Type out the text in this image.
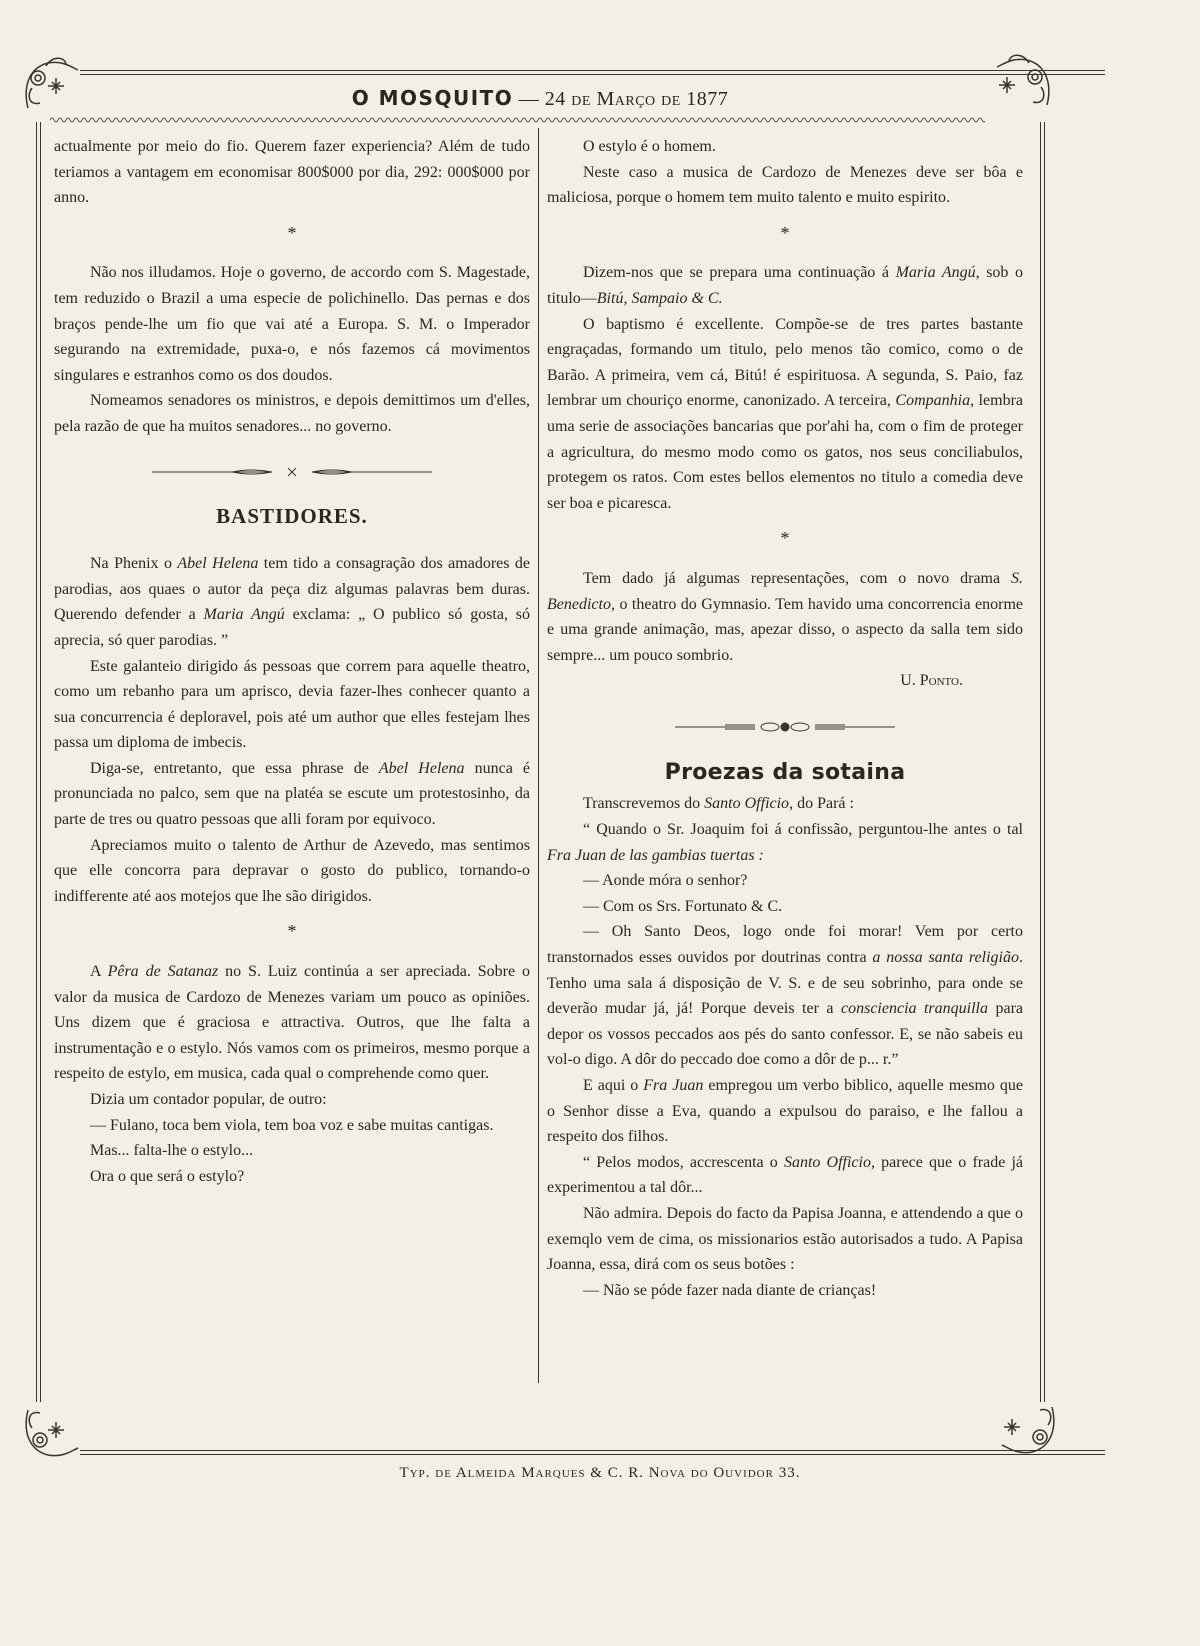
O MOSQUITO — 24 de Março de 1877

actualmente por meio do fio. Querem fazer experiencia? Além de tudo teriamos a vantagem em economisar 800$000 por dia, 292: 000$000 por anno.

*

Não nos illudamos. Hoje o governo, de accordo com S. Magestade, tem reduzido o Brazil a uma especie de polichinello. Das pernas e dos braços pende-lhe um fio que vai até a Europa. S. M. o Imperador segurando na extremidade, puxa-o, e nós fazemos cá movimentos singulares e estranhos como os dos doudos.

Nomeamos senadores os ministros, e depois demittimos um d'elles, pela razão de que ha muitos senadores... no governo.

BASTIDORES.

Na Phenix o Abel Helena tem tido a consagração dos amadores de parodias, aos quaes o autor da peça diz algumas palavras bem duras. Querendo defender a Maria Angú exclama: „ O publico só gosta, só aprecia, só quer parodias. ”

Este galanteio dirigido ás pessoas que correm para aquelle theatro, como um rebanho para um aprisco, devia fazer-lhes conhecer quanto a sua concurrencia é deploravel, pois até um author que elles festejam lhes passa um diploma de imbecis.

Diga-se, entretanto, que essa phrase de Abel Helena nunca é pronunciada no palco, sem que na platéa se escute um protestosinho, da parte de tres ou quatro pessoas que alli foram por equivoco.

Apreciamos muito o talento de Arthur de Azevedo, mas sentimos que elle concorra para depravar o gosto do publico, tornando-o indifferente até aos motejos que lhe são dirigidos.

*

A Pêra de Satanaz no S. Luiz continúa a ser apreciada. Sobre o valor da musica de Cardozo de Menezes variam um pouco as opiniões. Uns dizem que é graciosa e attractiva. Outros, que lhe falta a instrumentação e o estylo. Nós vamos com os primeiros, mesmo porque a respeito de estylo, em musica, cada qual o comprehende como quer.

Dizia um contador popular, de outro:

— Fulano, toca bem viola, tem boa voz e sabe muitas cantigas.

Mas... falta-lhe o estylo...

Ora o que será o estylo?

O estylo é o homem.

Neste caso a musica de Cardozo de Menezes deve ser bôa e maliciosa, porque o homem tem muito talento e muito espirito.

*

Dizem-nos que se prepara uma continuação á Maria Angú, sob o titulo—Bitú, Sampaio & C.

O baptismo é excellente. Compõe-se de tres partes bastante engraçadas, formando um titulo, pelo menos tão comico, como o de Barão. A primeira, vem cá, Bitú! é espirituosa. A segunda, S. Paio, faz lembrar um chouriço enorme, canonizado. A terceira, Companhia, lembra uma serie de associações bancarias que por'ahi ha, com o fim de proteger a agricultura, do mesmo modo como os gatos, nos seus conciliabulos, protegem os ratos. Com estes bellos elementos no titulo a comedia deve ser boa e picaresca.

*

Tem dado já algumas representações, com o novo drama S. Benedicto, o theatro do Gymnasio. Tem havido uma concorrencia enorme e uma grande animação, mas, apezar disso, o aspecto da salla tem sido sempre... um pouco sombrio.

U. Ponto.

Proezas da sotaina

Transcrevemos do Santo Officio, do Pará :

“ Quando o Sr. Joaquim foi á confissão, perguntou-lhe antes o tal Fra Juan de las gambias tuertas :

— Aonde móra o senhor?

— Com os Srs. Fortunato & C.

— Oh Santo Deos, logo onde foi morar! Vem por certo transtornados esses ouvidos por doutrinas contra a nossa santa religião. Tenho uma sala á disposição de V. S. e de seu sobrinho, para onde se deverão mudar já, já! Porque deveis ter a consciencia tranquilla para depor os vossos peccados aos pés do santo confessor. E, se não sabeis eu vol-o digo. A dôr do peccado doe como a dôr de p... r.”

E aqui o Fra Juan empregou um verbo biblico, aquelle mesmo que o Senhor disse a Eva, quando a expulsou do paraiso, e lhe fallou a respeito dos filhos.

“ Pelos modos, accrescenta o Santo Officio, parece que o frade já experimentou a tal dôr...

Não admira. Depois do facto da Papisa Joanna, e attendendo a que o exemqlo vem de cima, os missionarios estão autorisados a tudo. A Papisa Joanna, essa, dirá com os seus botões :

— Não se póde fazer nada diante de crianças!

Typ. de Almeida Marques & C. R. Nova do Ouvidor 33.
